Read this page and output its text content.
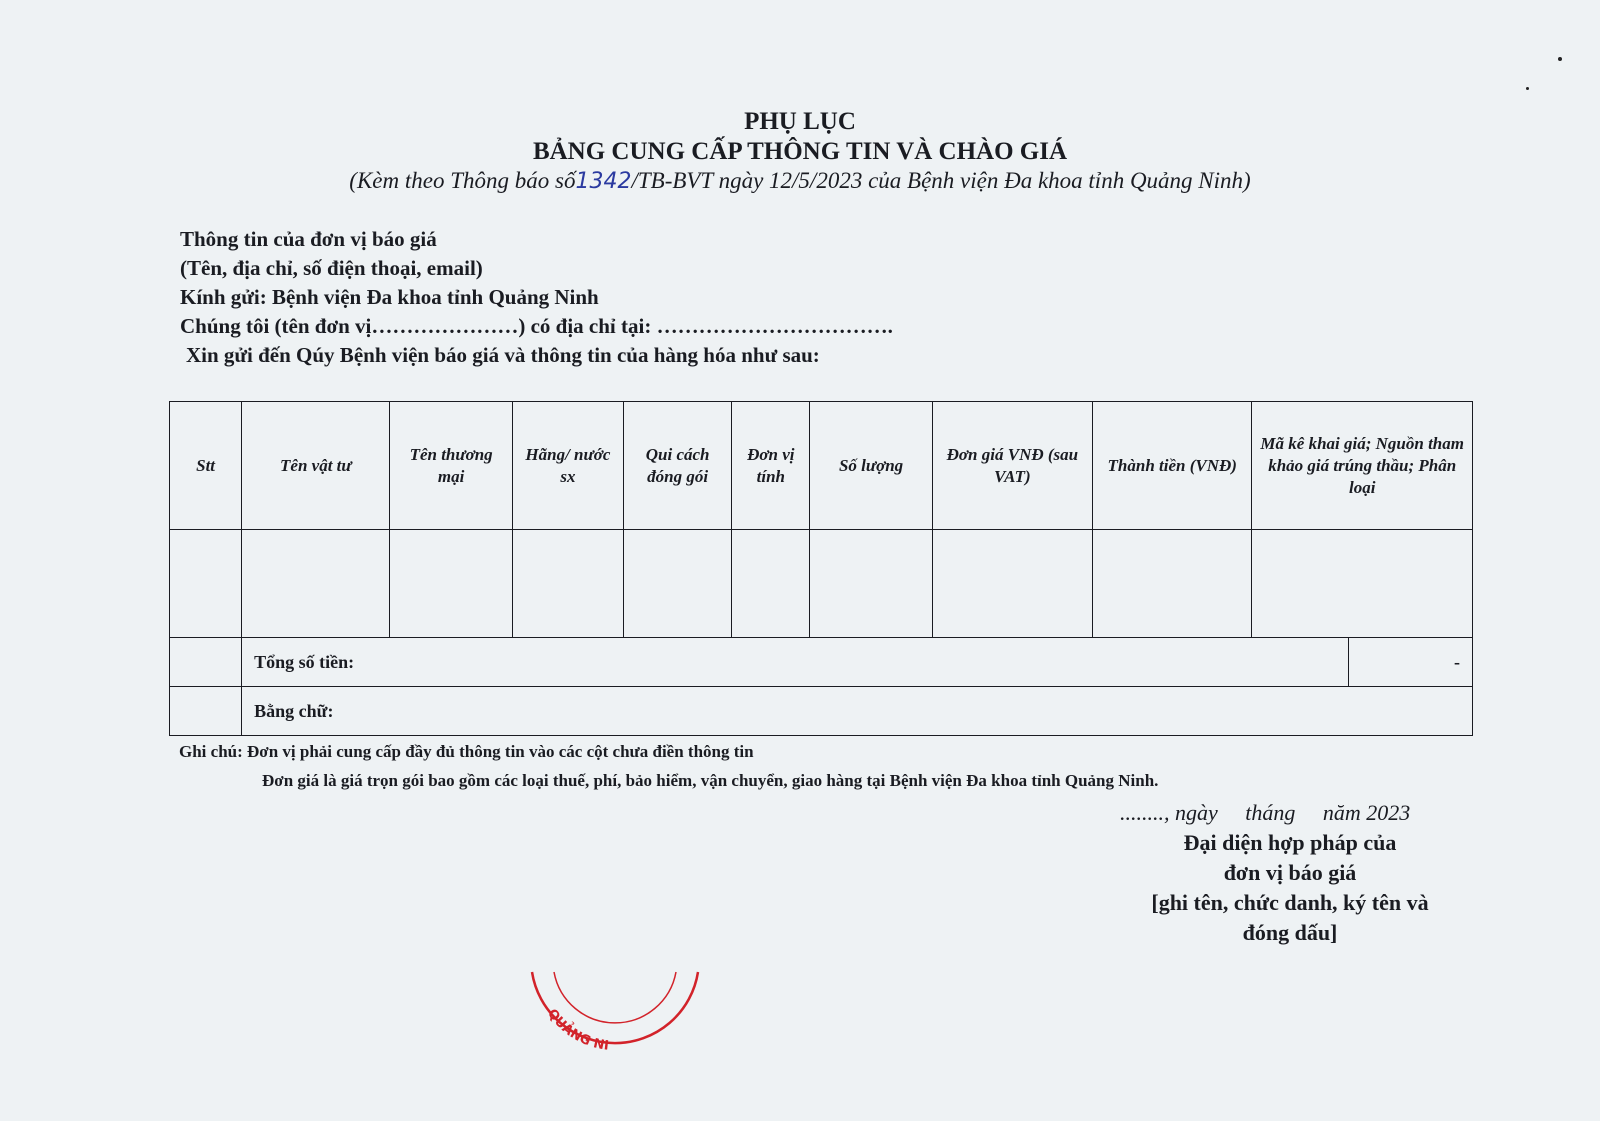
PHỤ LỤC
BẢNG CUNG CẤP THÔNG TIN VÀ CHÀO GIÁ
(Kèm theo Thông báo số1342/TB-BVT ngày 12/5/2023 của Bệnh viện Đa khoa tỉnh Quảng Ninh)
Thông tin của đơn vị báo giá
(Tên, địa chỉ, số điện thoại, email)
Kính gửi: Bệnh viện Đa khoa tỉnh Quảng Ninh
Chúng tôi (tên đơn vị…………………) có địa chỉ tại: …………………………….
Xin gửi đến Qúy Bệnh viện báo giá và thông tin của hàng hóa như sau:
Stt	Tên vật tư	Tên thương mại	Hãng/ nước sx	Qui cách đóng gói	Đơn vị tính	Số lượng	Đơn giá VNĐ (sau VAT)	Thành tiền (VNĐ)	Mã kê khai giá; Nguồn tham khảo giá trúng thầu; Phân loại	

	Tổng số tiền:									-
	Bằng chữ:									
Ghi chú: Đơn vị phải cung cấp đầy đủ thông tin vào các cột chưa điền thông tin
Đơn giá là giá trọn gói bao gồm các loại thuế, phí, bảo hiểm, vận chuyển, giao hàng tại Bệnh viện Đa khoa tỉnh Quảng Ninh.
........, ngày     tháng     năm 2023
Đại diện hợp pháp của
đơn vị báo giá
[ghi tên, chức danh, ký tên và
đóng dấu]
QUẢNG NI
